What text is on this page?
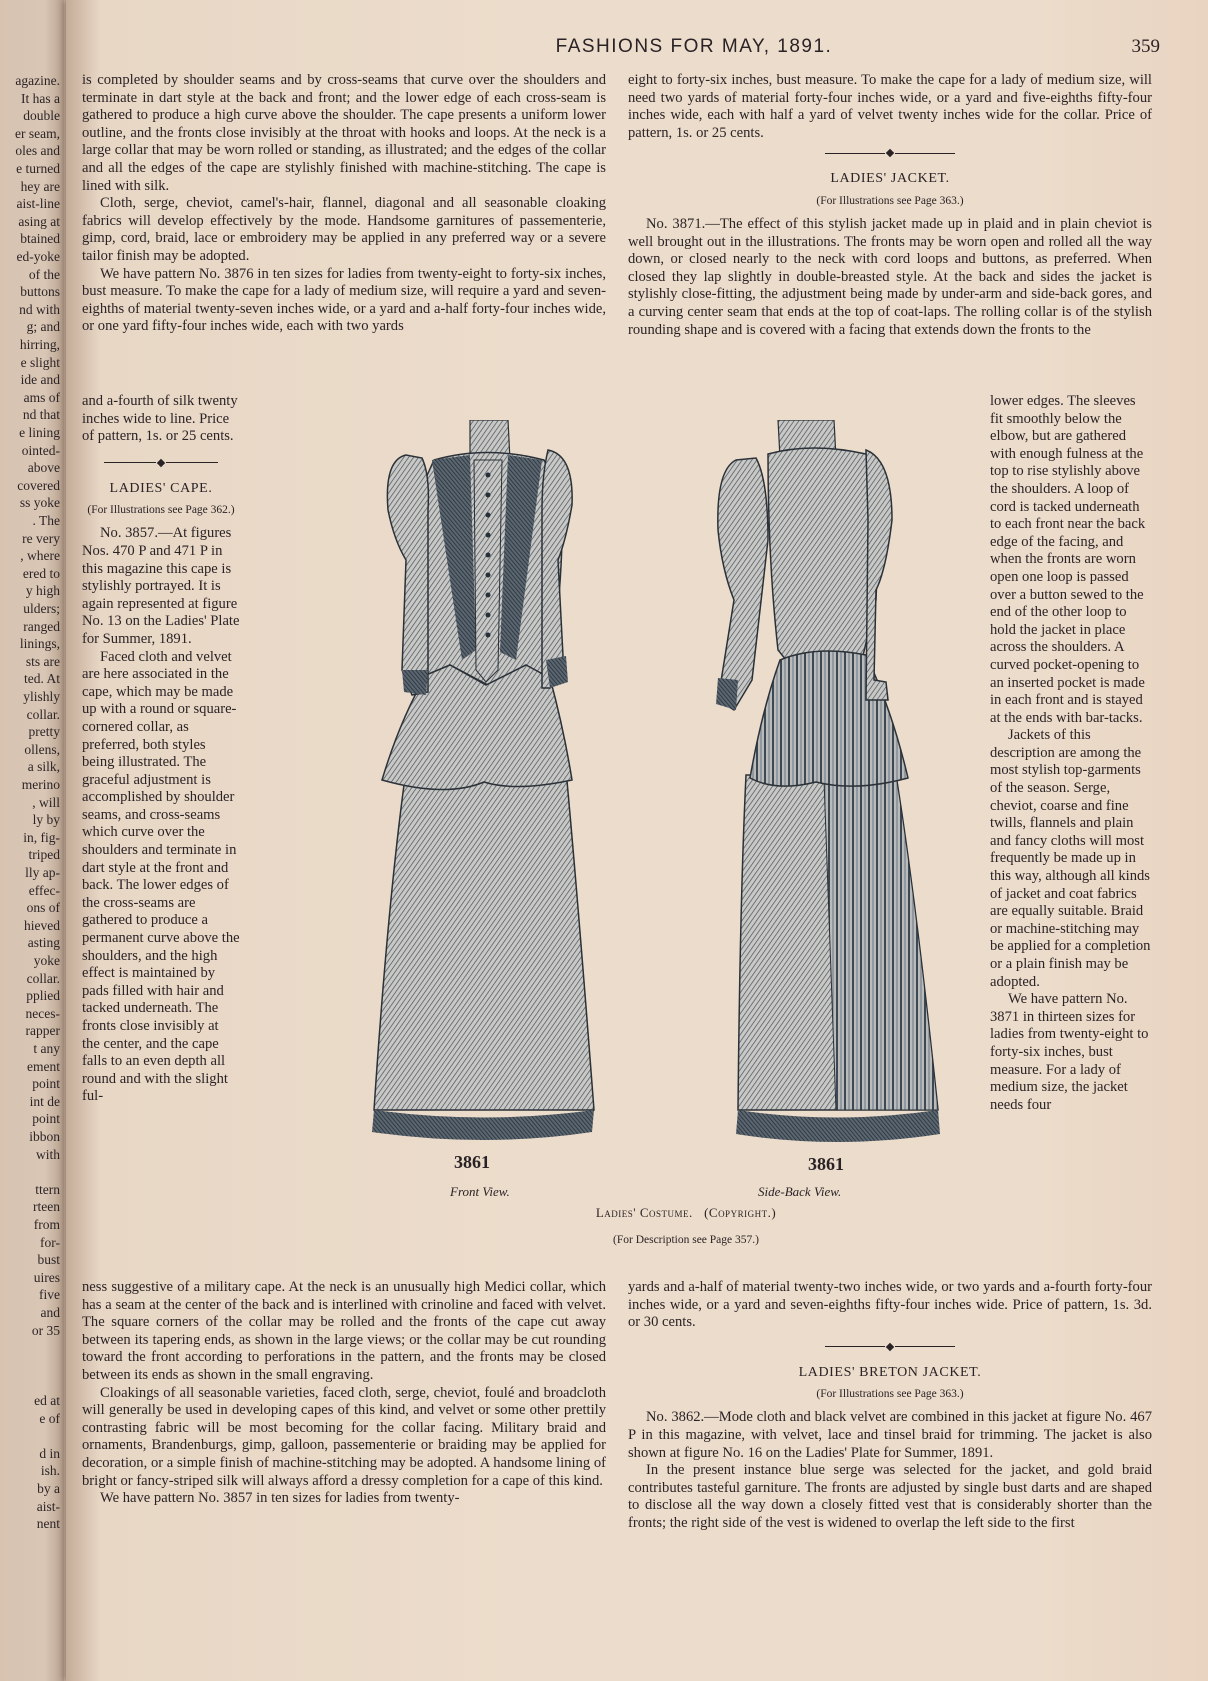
agazine.
It has a
double
er seam,
oles and
e turned
hey are
aist-line
asing at
btained
ed-yoke
of the
buttons
nd with
g; and
hirring,
e slight
ide and
ams of
nd that
e lining
ointed-
above
covered
ss yoke
. The
re very
, where
ered to
y high
ulders;
ranged
linings,
sts are
ted. At
ylishly
collar.
pretty
ollens,
a silk,
merino
, will
ly by
in, fig-
triped
lly ap-
effec-
ons of
hieved
asting
yoke
collar.
pplied
neces-
rapper
t any
ement
point
int de
point
ibbon
with
ttern
rteen
from
for-
bust
uires
five
and
or 35
ed at
e of
d in
ish.
by a
aist-
nent
FASHIONS FOR MAY, 1891.	359

is completed by shoulder seams and by cross-seams that curve over the shoulders and terminate in dart style at the back and front; and the lower edge of each cross-seam is gathered to produce a high curve above the shoulder. The cape presents a uniform lower outline, and the fronts close invisibly at the throat with hooks and loops. At the neck is a large collar that may be worn rolled or standing, as illustrated; and the edges of the collar and all the edges of the cape are stylishly finished with machine-stitching. The cape is lined with silk.

Cloth, serge, cheviot, camel's-hair, flannel, diagonal and all seasonable cloaking fabrics will develop effectively by the mode. Handsome garnitures of passementerie, gimp, cord, braid, lace or embroidery may be applied in any preferred way or a severe tailor finish may be adopted.

We have pattern No. 3876 in ten sizes for ladies from twenty-eight to forty-six inches, bust measure. To make the cape for a lady of medium size, will require a yard and seven-eighths of material twenty-seven inches wide, or a yard and a-half forty-four inches wide, or one yard fifty-four inches wide, each with two yards

and a-fourth of silk twenty inches wide to line. Price of pattern, 1s. or 25 cents.

LADIES' CAPE.
(For Illustrations see Page 362.)

No. 3857.—At figures Nos. 470 P and 471 P in this magazine this cape is stylishly portrayed. It is again represented at figure No. 13 on the Ladies' Plate for Summer, 1891.

Faced cloth and velvet are here associated in the cape, which may be made up with a round or square-cornered collar, as preferred, both styles being illustrated. The graceful adjustment is accomplished by shoulder seams, and cross-seams which curve over the shoulders and terminate in dart style at the front and back. The lower edges of the cross-seams are gathered to produce a permanent curve above the shoulders, and the high effect is maintained by pads filled with hair and tacked underneath. The fronts close invisibly at the center, and the cape falls to an even depth all round and with the slight ful-

ness suggestive of a military cape. At the neck is an unusually high Medici collar, which has a seam at the center of the back and is interlined with crinoline and faced with velvet. The square corners of the collar may be rolled and the fronts of the cape cut away between its tapering ends, as shown in the large views; or the collar may be cut rounding toward the front according to perforations in the pattern, and the fronts may be closed between its ends as shown in the small engraving.

Cloakings of all seasonable varieties, faced cloth, serge, cheviot, foulé and broadcloth will generally be used in developing capes of this kind, and velvet or some other prettily contrasting fabric will be most becoming for the collar facing. Military braid and ornaments, Brandenburgs, gimp, galloon, passementerie or braiding may be applied for decoration, or a simple finish of machine-stitching may be adopted. A handsome lining of bright or fancy-striped silk will always afford a dressy completion for a cape of this kind.

We have pattern No. 3857 in ten sizes for ladies from twenty-

eight to forty-six inches, bust measure. To make the cape for a lady of medium size, will need two yards of material forty-four inches wide, or a yard and five-eighths fifty-four inches wide, each with half a yard of velvet twenty inches wide for the collar. Price of pattern, 1s. or 25 cents.

LADIES' JACKET.
(For Illustrations see Page 363.)

No. 3871.—The effect of this stylish jacket made up in plaid and in plain cheviot is well brought out in the illustrations. The fronts may be worn open and rolled all the way down, or closed nearly to the neck with cord loops and buttons, as preferred. When closed they lap slightly in double-breasted style. At the back and sides the jacket is stylishly close-fitting, the adjustment being made by under-arm and side-back gores, and a curving center seam that ends at the top of coat-laps. The rolling collar is of the stylish rounding shape and is covered with a facing that extends down the fronts to the

lower edges. The sleeves fit smoothly below the elbow, but are gathered with enough fulness at the top to rise stylishly above the shoulders. A loop of cord is tacked underneath to each front near the back edge of the facing, and when the fronts are worn open one loop is passed over a button sewed to the end of the other loop to hold the jacket in place across the shoulders. A curved pocket-opening to an inserted pocket is made in each front and is stayed at the ends with bar-tacks.

Jackets of this description are among the most stylish top-garments of the season. Serge, cheviot, coarse and fine twills, flannels and plain and fancy cloths will most frequently be made up in this way, although all kinds of jacket and coat fabrics are equally suitable. Braid or machine-stitching may be applied for a completion or a plain finish may be adopted.

We have pattern No. 3871 in thirteen sizes for ladies from twenty-eight to forty-six inches, bust measure. For a lady of medium size, the jacket needs four

yards and a-half of material twenty-two inches wide, or two yards and a-fourth forty-four inches wide, or a yard and seven-eighths fifty-four inches wide. Price of pattern, 1s. 3d. or 30 cents.

LADIES' BRETON JACKET.
(For Illustrations see Page 363.)

No. 3862.—Mode cloth and black velvet are combined in this jacket at figure No. 467 P in this magazine, with velvet, lace and tinsel braid for trimming. The jacket is also shown at figure No. 16 on the Ladies' Plate for Summer, 1891.

In the present instance blue serge was selected for the jacket, and gold braid contributes tasteful garniture. The fronts are adjusted by single bust darts and are shaped to disclose all the way down a closely fitted vest that is considerably shorter than the fronts; the right side of the vest is widened to overlap the left side to the first

3861
Front View.
3861
Side-Back View.
Ladies' Costume. (Copyright.)
(For Description see Page 357.)
